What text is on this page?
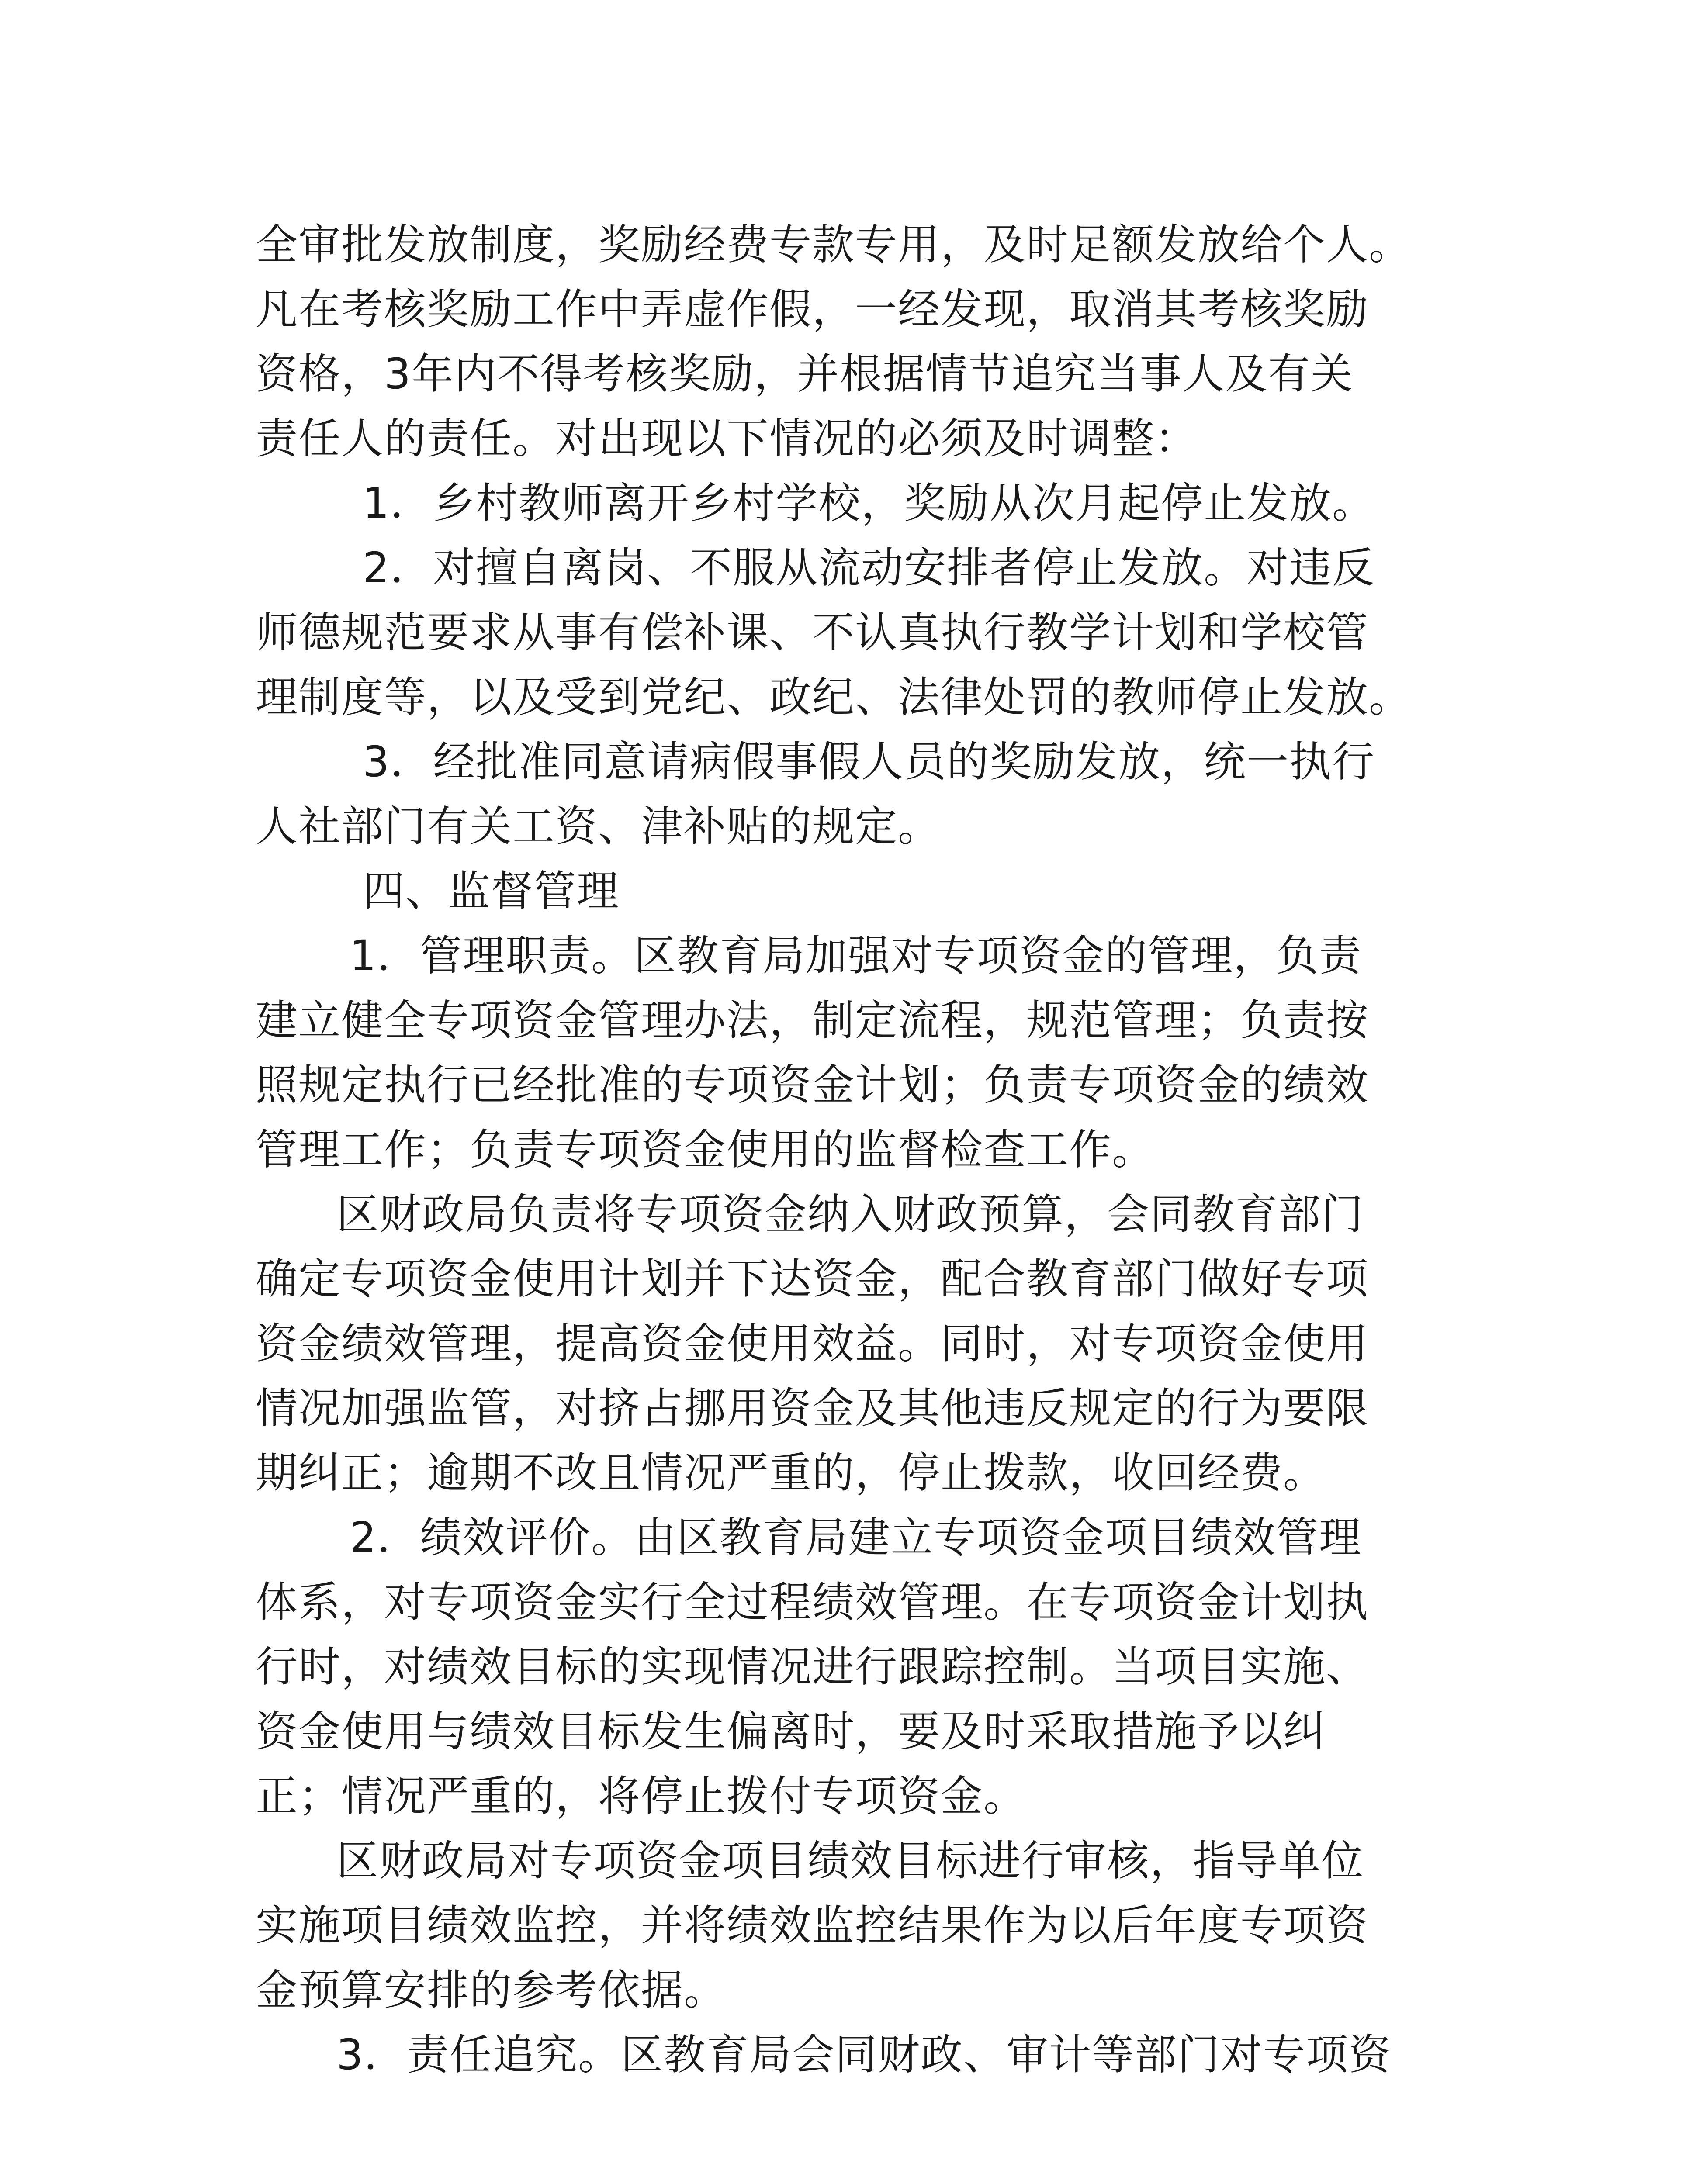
全审批发放制度，奖励经费专款专用，及时足额发放给个人。
凡在考核奖励工作中弄虚作假，一经发现，取消其考核奖励
资格，3年内不得考核奖励，并根据情节追究当事人及有关
责任人的责任。对出现以下情况的必须及时调整：
1．乡村教师离开乡村学校，奖励从次月起停止发放。
2．对擅自离岗、不服从流动安排者停止发放。对违反
师德规范要求从事有偿补课、不认真执行教学计划和学校管
理制度等，以及受到党纪、政纪、法律处罚的教师停止发放。
3．经批准同意请病假事假人员的奖励发放，统一执行
人社部门有关工资、津补贴的规定。
四、监督管理
1．管理职责。区教育局加强对专项资金的管理，负责
建立健全专项资金管理办法，制定流程，规范管理；负责按
照规定执行已经批准的专项资金计划；负责专项资金的绩效
管理工作；负责专项资金使用的监督检查工作。
区财政局负责将专项资金纳入财政预算，会同教育部门
确定专项资金使用计划并下达资金，配合教育部门做好专项
资金绩效管理，提高资金使用效益。同时，对专项资金使用
情况加强监管，对挤占挪用资金及其他违反规定的行为要限
期纠正；逾期不改且情况严重的，停止拨款，收回经费。
2．绩效评价。由区教育局建立专项资金项目绩效管理
体系，对专项资金实行全过程绩效管理。在专项资金计划执
行时，对绩效目标的实现情况进行跟踪控制。当项目实施、
资金使用与绩效目标发生偏离时，要及时采取措施予以纠
正；情况严重的，将停止拨付专项资金。
区财政局对专项资金项目绩效目标进行审核，指导单位
实施项目绩效监控，并将绩效监控结果作为以后年度专项资
金预算安排的参考依据。
3．责任追究。区教育局会同财政、审计等部门对专项资
